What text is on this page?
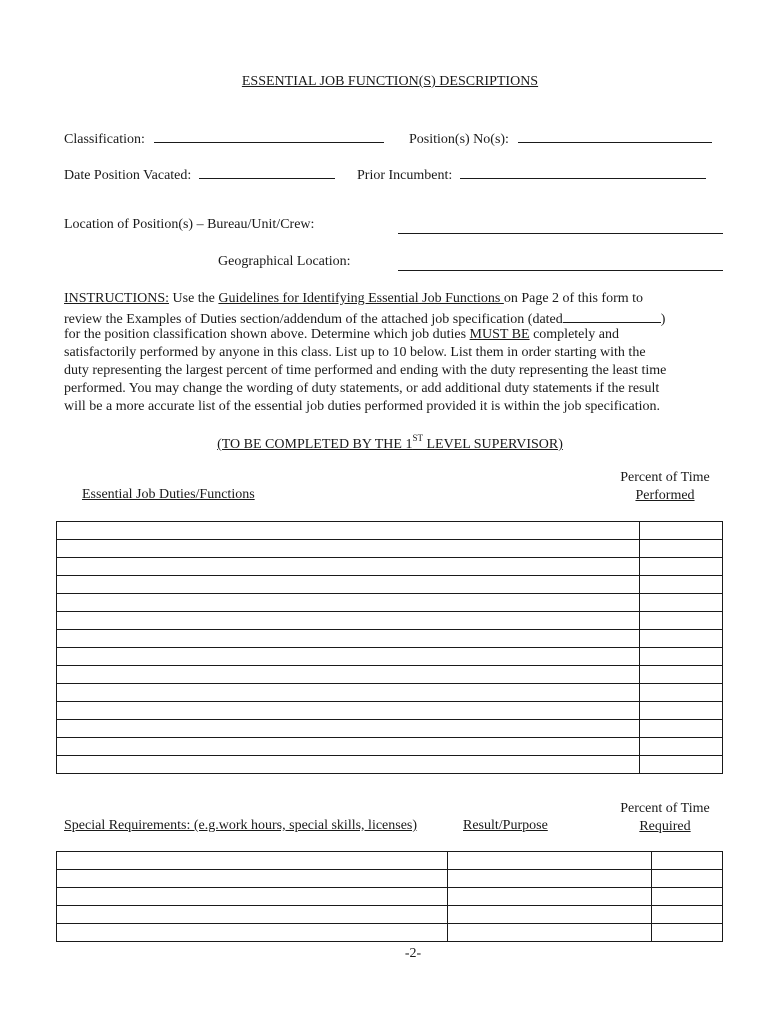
ESSENTIAL JOB FUNCTION(S) DESCRIPTIONS
Classification:	Position(s) No(s):
Date Position Vacated:	Prior Incumbent:
Location of Position(s) – Bureau/Unit/Crew:
Geographical Location:
INSTRUCTIONS: Use the Guidelines for Identifying Essential Job Functions on Page 2 of this form to
review the Examples of Duties section/addendum of the attached job specification (dated	)
for the position classification shown above. Determine which job duties MUST BE completely and
satisfactorily performed by anyone in this class. List up to 10 below. List them in order starting with the
duty representing the largest percent of time performed and ending with the duty representing the least time
performed. You may change the wording of duty statements, or add additional duty statements if the result
will be a more accurate list of the essential job duties performed provided it is within the job specification.
(TO BE COMPLETED BY THE 1ST LEVEL SUPERVISOR)
Essential Job Duties/Functions
Percent of Time
Performed

Special Requirements: (e.g.work hours, special skills, licenses)	Result/Purpose
Percent of Time
Required

-2-
